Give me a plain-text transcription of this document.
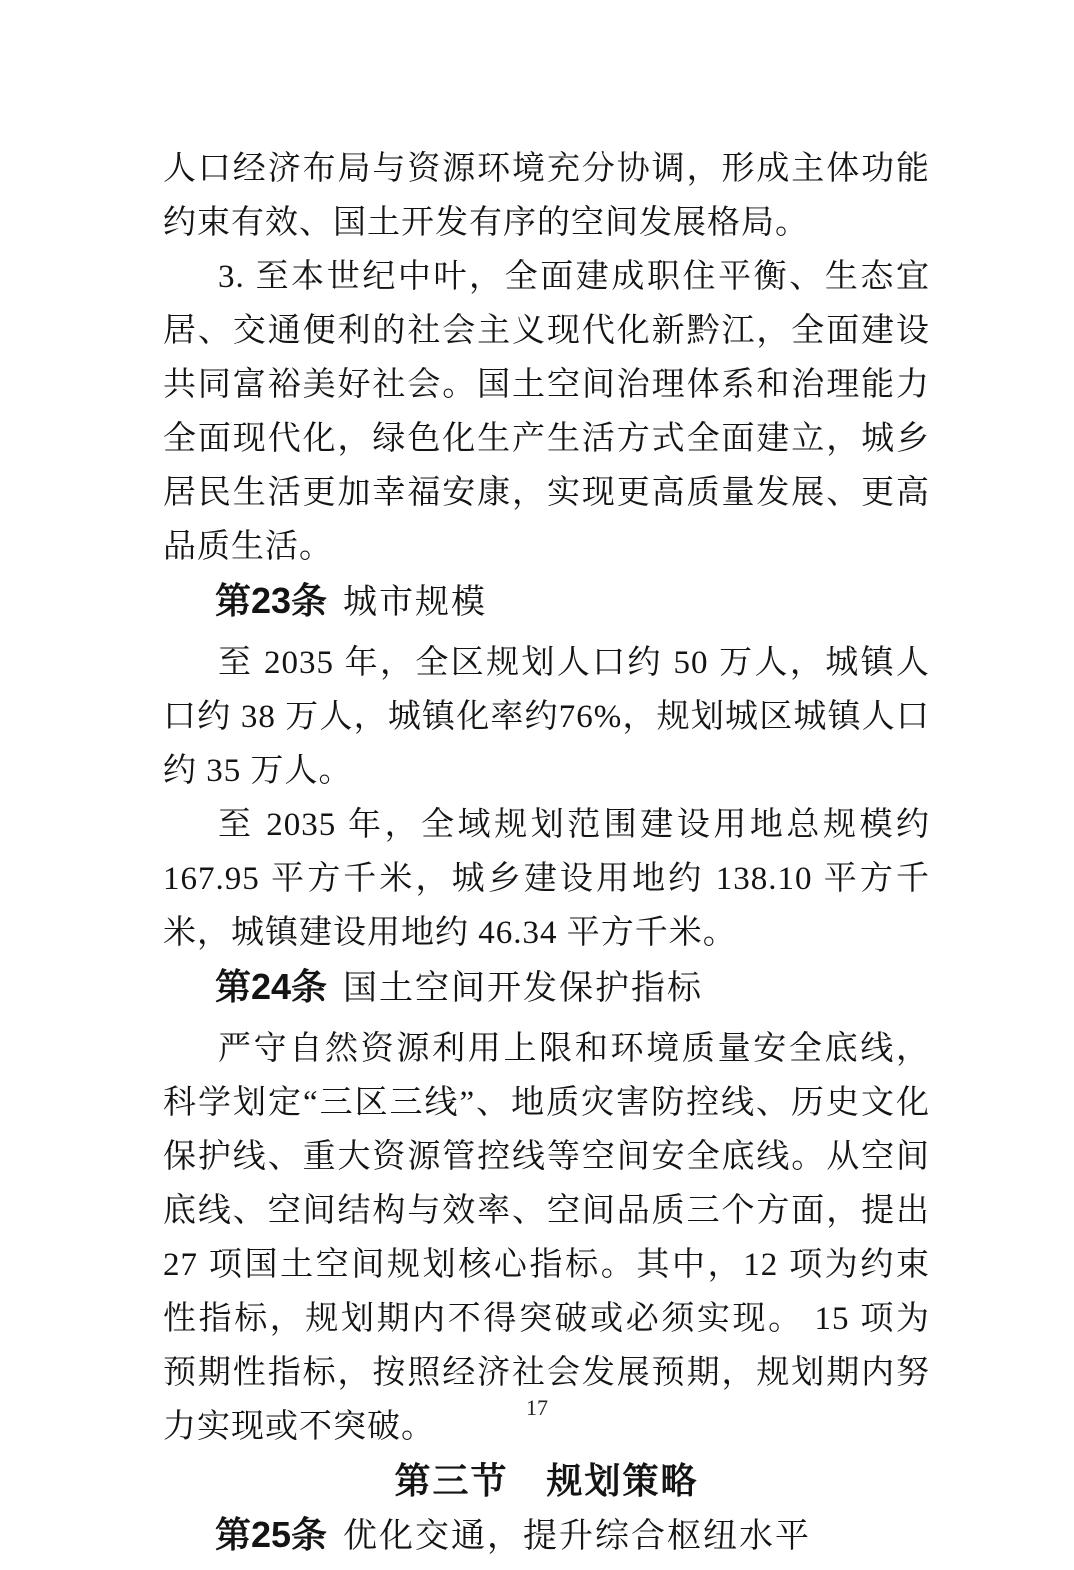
人口经济布局与资源环境充分协调，形成主体功能约束有效、国土开发有序的空间发展格局。

3. 至本世纪中叶，全面建成职住平衡、生态宜居、交通便利的社会主义现代化新黔江，全面建设共同富裕美好社会。国土空间治理体系和治理能力全面现代化，绿色化生产生活方式全面建立，城乡居民生活更加幸福安康，实现更高质量发展、更高品质生活。

第23条 城市规模

至 2035 年，全区规划人口约 50 万人，城镇人口约 38 万人，城镇化率约76%，规划城区城镇人口约 35 万人。

至 2035 年，全域规划范围建设用地总规模约 167.95 平方千米，城乡建设用地约 138.10 平方千米，城镇建设用地约 46.34 平方千米。

第24条 国土空间开发保护指标

严守自然资源利用上限和环境质量安全底线，科学划定“三区三线”、地质灾害防控线、历史文化保护线、重大资源管控线等空间安全底线。从空间底线、空间结构与效率、空间品质三个方面，提出 27 项国土空间规划核心指标。其中，12 项为约束性指标，规划期内不得突破或必须实现。 15 项为预期性指标，按照经济社会发展预期，规划期内努力实现或不突破。

第三节　规划策略

第25条 优化交通，提升综合枢纽水平

17
